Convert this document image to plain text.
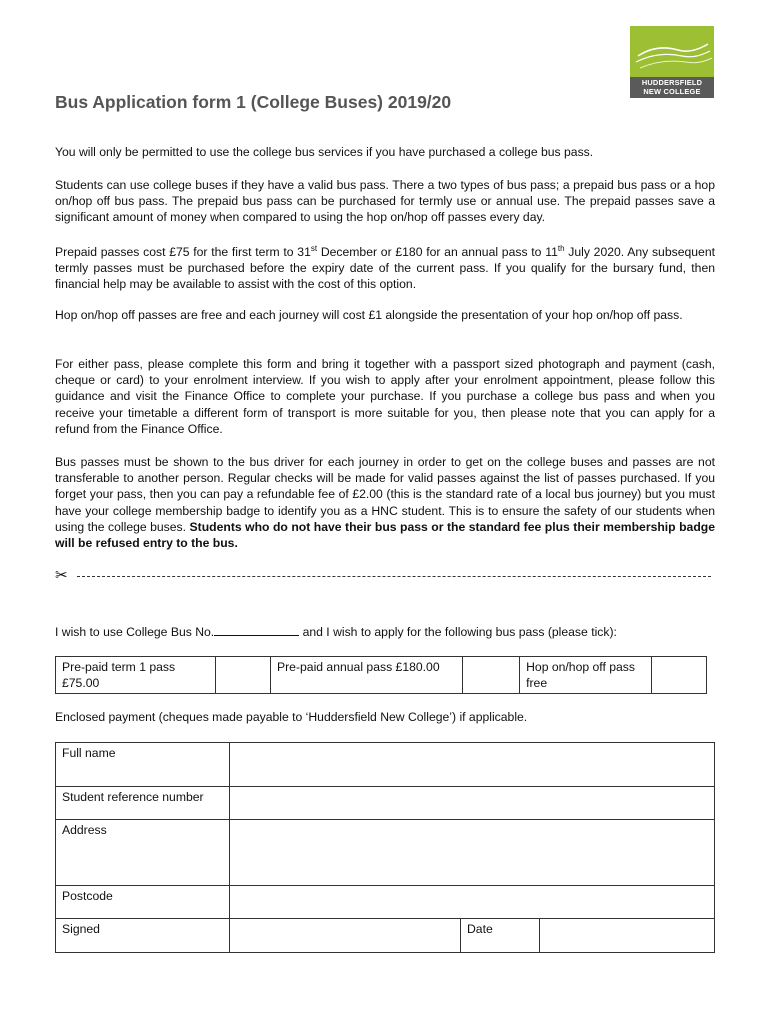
HUDDERSFIELD
NEW COLLEGE
Bus Application form 1 (College Buses) 2019/20

You will only be permitted to use the college bus services if you have purchased a college bus pass.

Students can use college buses if they have a valid bus pass. There a two types of bus pass; a prepaid bus pass or a hop on/hop off bus pass. The prepaid bus pass can be purchased for termly use or annual use. The prepaid passes save a significant amount of money when compared to using the hop on/hop off passes every day.

Prepaid passes cost £75 for the first term to 31st December or £180 for an annual pass to 11th July 2020. Any subsequent termly passes must be purchased before the expiry date of the current pass. If you qualify for the bursary fund, then financial help may be available to assist with the cost of this option.

Hop on/hop off passes are free and each journey will cost £1 alongside the presentation of your hop on/hop off pass.

For either pass, please complete this form and bring it together with a passport sized photograph and payment (cash, cheque or card) to your enrolment interview. If you wish to apply after your enrolment appointment, please follow this guidance and visit the Finance Office to complete your purchase. If you purchase a college bus pass and when you receive your timetable a different form of transport is more suitable for you, then please note that you can apply for a refund from the Finance Office.

Bus passes must be shown to the bus driver for each journey in order to get on the college buses and passes are not transferable to another person. Regular checks will be made for valid passes against the list of passes purchased. If you forget your pass, then you can pay a refundable fee of £2.00 (this is the standard rate of a local bus journey) but you must have your college membership badge to identify you as a HNC student. This is to ensure the safety of our students when using the college buses. Students who do not have their bus pass or the standard fee plus their membership badge will be refused entry to the bus.

✂

I wish to use College Bus No.	and I wish to apply for the following bus pass (please tick):

Pre-paid term 1 pass £75.00		Pre-paid annual pass £180.00		Hop on/hop off pass free	

Enclosed payment (cheques made payable to ‘Huddersfield New College’) if applicable.

Full name			
Student reference number			
Address			
Postcode			
Signed		Date	
